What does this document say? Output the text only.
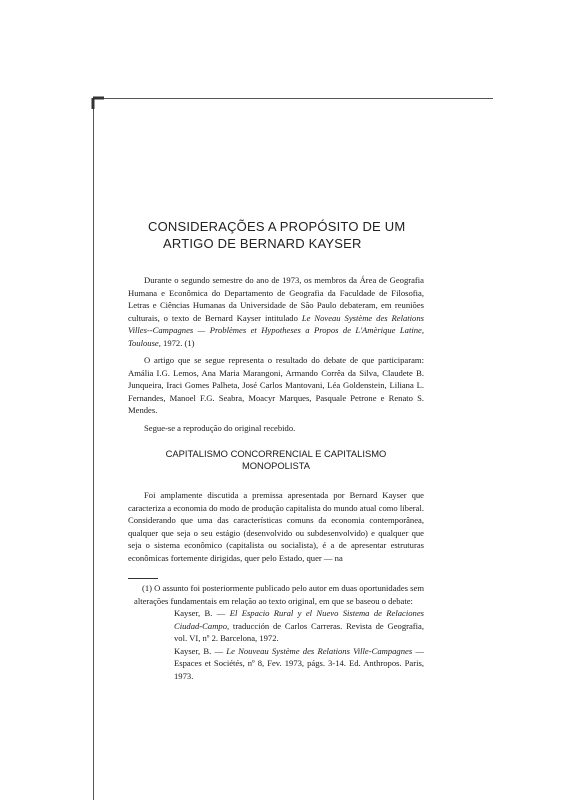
CONSIDERAÇÕES A PROPÓSITO DE UM
ARTIGO DE BERNARD KAYSER

Durante o segundo semestre do ano de 1973, os membros da Área de Geografia Humana e Econômica do Departamento de Geografia da Faculdade de Filosofia, Letras e Ciências Humanas da Universidade de São Paulo debateram, em reuniões culturais, o texto de Bernard Kayser intitulado Le Noveau Système des Relations Villes--Campagnes — Problèmes et Hypotheses a Propos de L'Amèrique Latine, Toulouse, 1972. (1)

O artigo que se segue representa o resultado do debate de que participaram: Amália I.G. Lemos, Ana Maria Marangoni, Armando Corrêa da Silva, Claudete B. Junqueira, Iraci Gomes Palheta, José Carlos Mantovani, Léa Goldenstein, Liliana L. Fernandes, Manoel F.G. Seabra, Moacyr Marques, Pasquale Petrone e Renato S. Mendes.

Segue-se a reprodução do original recebido.

CAPITALISMO CONCORRENCIAL E CAPITALISMO
MONOPOLISTA

Foi amplamente discutida a premissa apresentada por Bernard Kayser que caracteriza a economia do modo de produção capitalista do mundo atual como liberal. Considerando que uma das características comuns da economia contemporânea, qualquer que seja o seu estágio (desenvolvido ou subdesenvolvido) e qualquer que seja o sistema econômico (capitalista ou socialista), é a de apresentar estruturas econômicas fortemente dirigidas, quer pelo Estado, quer — na

(1) O assunto foi posteriormente publicado pelo autor em duas oportunidades sem alterações fundamentais em relação ao texto original, em que se baseou o debate:

Kayser, B. — El Espacio Rural y el Nuevo Sistema de Relaciones Ciudad-Campo, traducción de Carlos Carreras. Revista de Geografia, vol. VI, nº 2. Barcelona, 1972.

Kayser, B. — Le Nouveau Système des Relations Ville-Campagnes — Espaces et Sociétés, nº 8, Fev. 1973, págs. 3-14. Ed. Anthropos. Paris, 1973.
